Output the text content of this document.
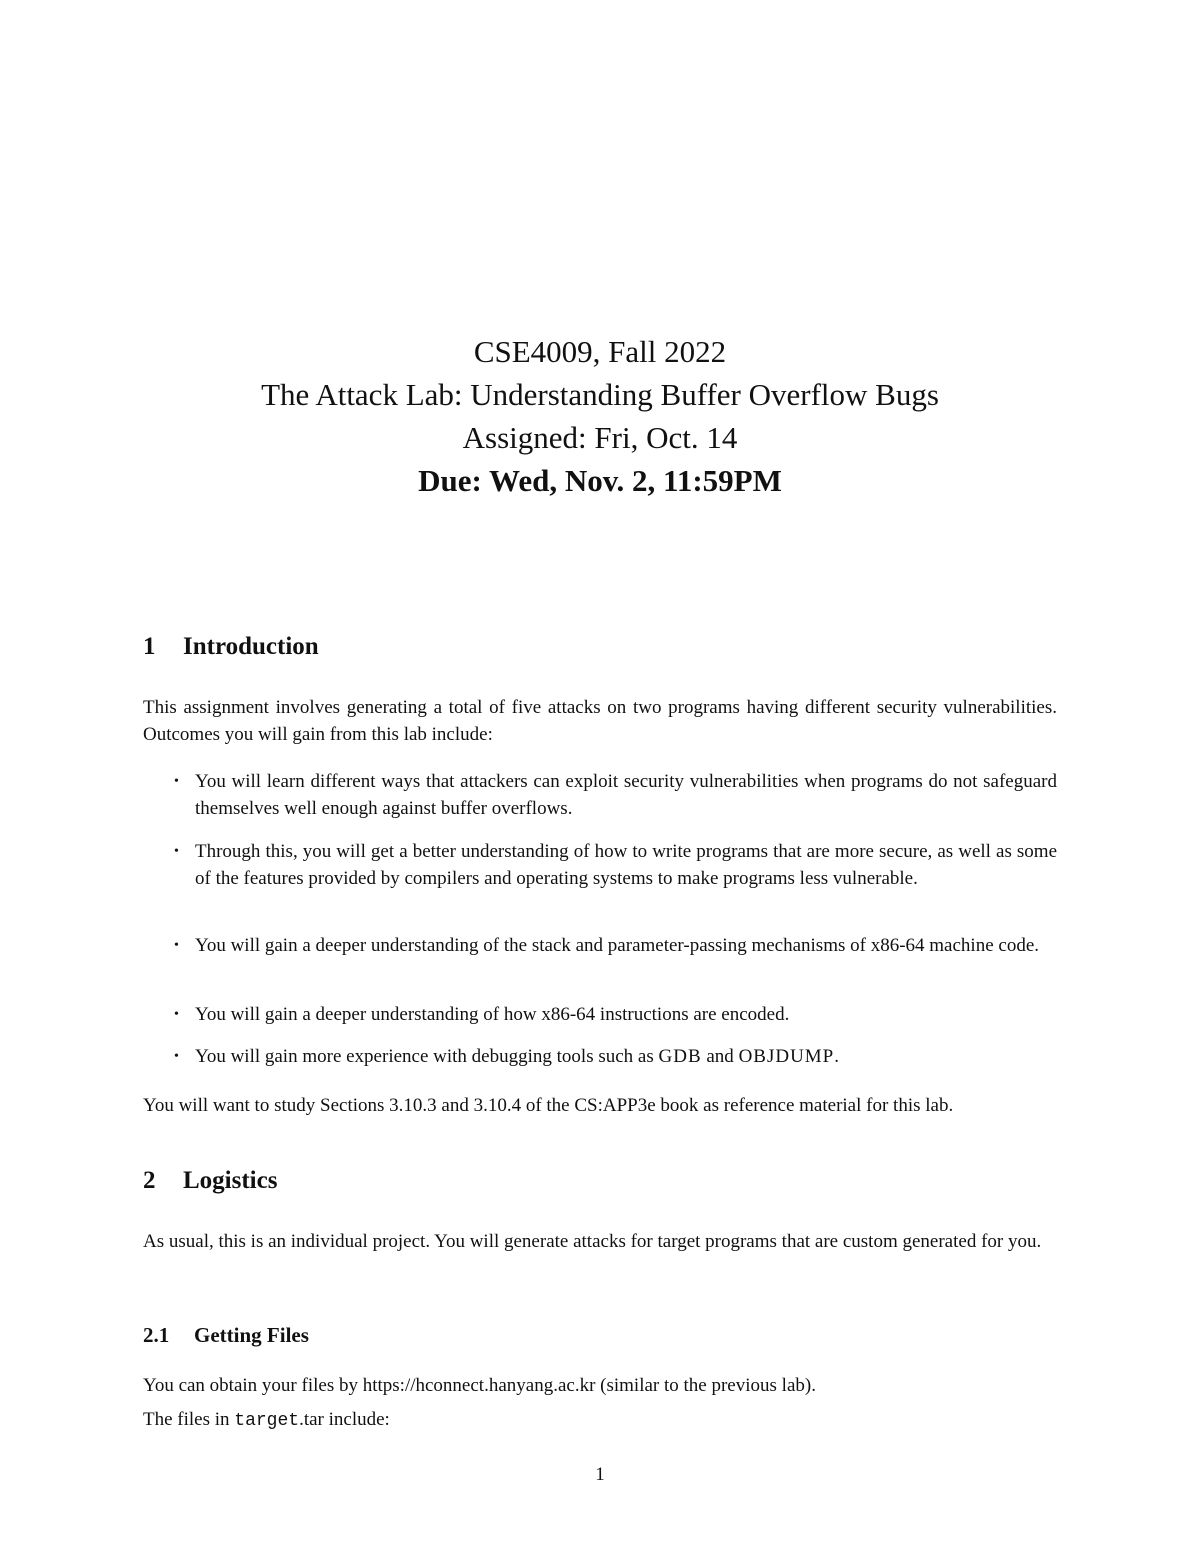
CSE4009, Fall 2022
The Attack Lab: Understanding Buffer Overflow Bugs
Assigned: Fri, Oct. 14
Due: Wed, Nov. 2, 11:59PM
1 Introduction
This assignment involves generating a total of five attacks on two programs having different security vulnerabilities. Outcomes you will gain from this lab include:
• You will learn different ways that attackers can exploit security vulnerabilities when programs do not safeguard themselves well enough against buffer overflows.
• Through this, you will get a better understanding of how to write programs that are more secure, as well as some of the features provided by compilers and operating systems to make programs less vulnerable.
• You will gain a deeper understanding of the stack and parameter-passing mechanisms of x86-64 machine code.
• You will gain a deeper understanding of how x86-64 instructions are encoded.
• You will gain more experience with debugging tools such as GDB and OBJDUMP.
You will want to study Sections 3.10.3 and 3.10.4 of the CS:APP3e book as reference material for this lab.
2 Logistics
As usual, this is an individual project. You will generate attacks for target programs that are custom generated for you.
2.1 Getting Files
You can obtain your files by https://hconnect.hanyang.ac.kr (similar to the previous lab).
The files in target.tar include:
1
